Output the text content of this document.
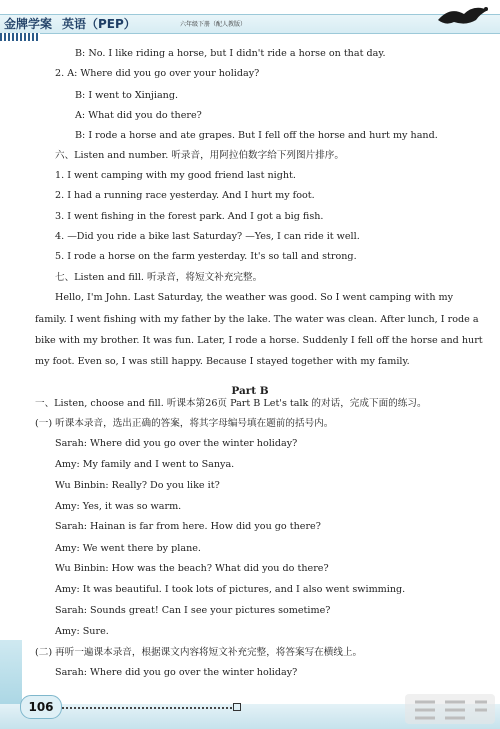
金牌学案 英语（PEP）	六年级下册（配人教版）
B: No. I like riding a horse, but I didn't ride a horse on that day.
2. A: Where did you go over your holiday?
B: I went to Xinjiang.
A: What did you do there?
B: I rode a horse and ate grapes. But I fell off the horse and hurt my hand.
六、Listen and number. 听录音，用阿拉伯数字给下列图片排序。
1. I went camping with my good friend last night.
2. I had a running race yesterday. And I hurt my foot.
3. I went fishing in the forest park. And I got a big fish.
4. —Did you ride a bike last Saturday? —Yes, I can ride it well.
5. I rode a horse on the farm yesterday. It's so tall and strong.
七、Listen and fill. 听录音，将短文补充完整。
Hello, I'm John. Last Saturday, the weather was good. So I went camping with my
family. I went fishing with my father by the lake. The water was clean. After lunch, I rode a
bike with my brother. It was fun. Later, I rode a horse. Suddenly I fell off the horse and hurt
my foot. Even so, I was still happy. Because I stayed together with my family.
一、Listen, choose and fill. 听课本第26页 Part B Let's talk 的对话，完成下面的练习。
(一) 听课本录音，选出正确的答案，将其字母编号填在题前的括号内。
Sarah: Where did you go over the winter holiday?
Amy: My family and I went to Sanya.
Wu Binbin: Really? Do you like it?
Amy: Yes, it was so warm.
Sarah: Hainan is far from here. How did you go there?
Amy: We went there by plane.
Wu Binbin: How was the beach? What did you do there?
Amy: It was beautiful. I took lots of pictures, and I also went swimming.
Sarah: Sounds great! Can I see your pictures sometime?
Amy: Sure.
(二) 再听一遍课本录音，根据课文内容将短文补充完整，将答案写在横线上。
Sarah: Where did you go over the winter holiday?
Part B
106
